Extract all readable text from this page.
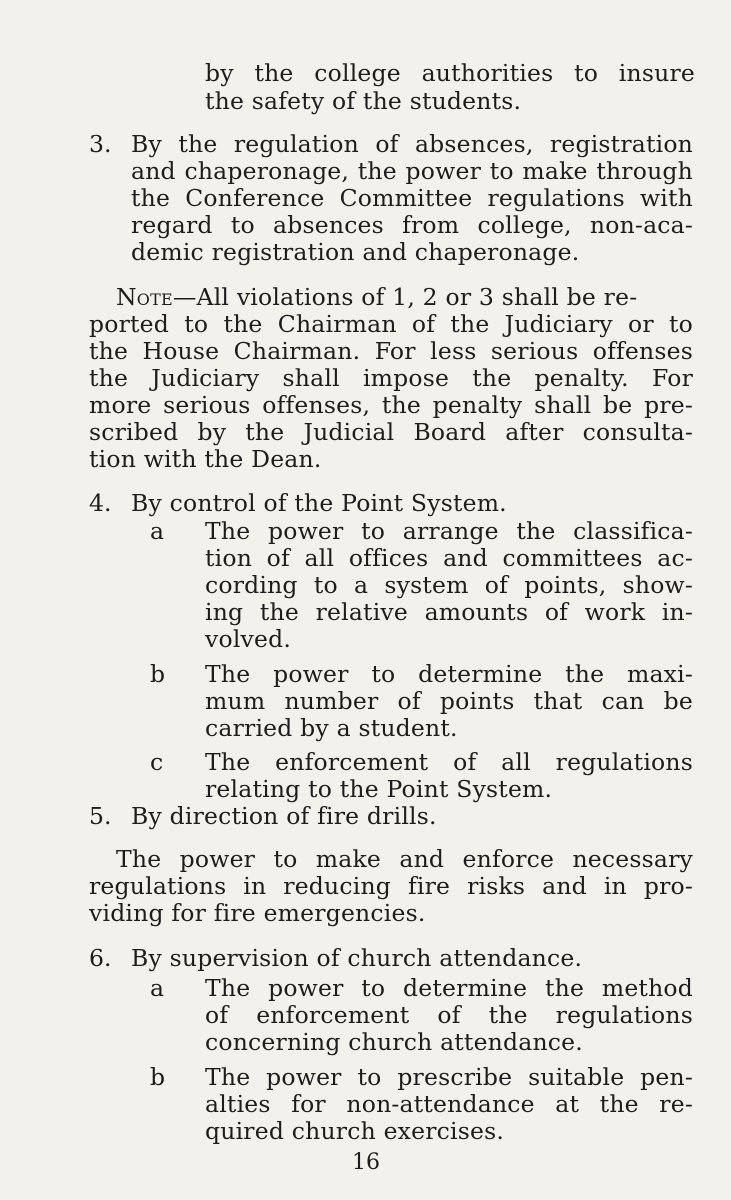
by the college authorities to insure
the safety of the students.
3. By the regulation of absences, registration
and chaperonage, the power to make through
the Conference Committee regulations with
regard to absences from college, non-aca-
demic registration and chaperonage.
Note—All violations of 1, 2 or 3 shall be re-
ported to the Chairman of the Judiciary or to
the House Chairman. For less serious offenses
the Judiciary shall impose the penalty. For
more serious offenses, the penalty shall be pre-
scribed by the Judicial Board after consulta-
tion with the Dean.
4. By control of the Point System.
a The power to arrange the classifica-
tion of all offices and committees ac-
cording to a system of points, show-
ing the relative amounts of work in-
volved.
b The power to determine the maxi-
mum number of points that can be
carried by a student.
c The enforcement of all regulations
relating to the Point System.
5. By direction of fire drills.
The power to make and enforce necessary
regulations in reducing fire risks and in pro-
viding for fire emergencies.
6. By supervision of church attendance.
a The power to determine the method
of enforcement of the regulations
concerning church attendance.
b The power to prescribe suitable pen-
alties for non-attendance at the re-
quired church exercises.
16
